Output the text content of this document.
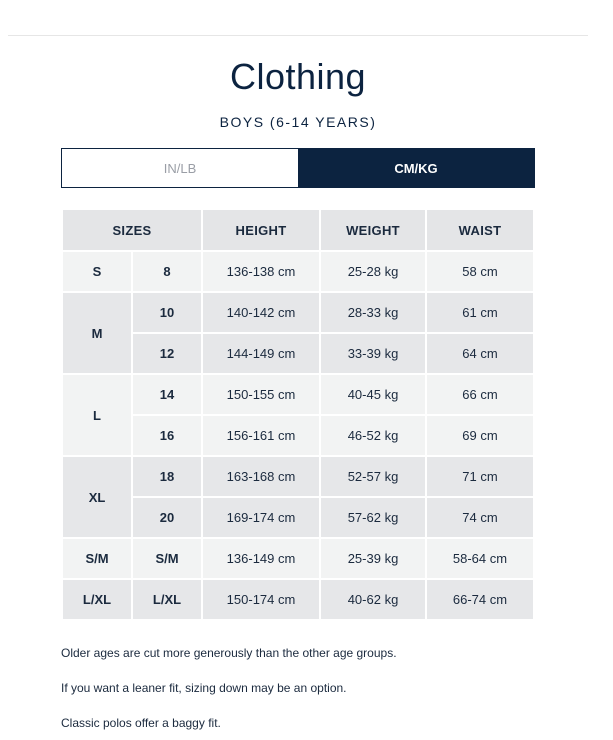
Clothing
BOYS (6-14 YEARS)
IN/LB	CM/KG
SIZES		HEIGHT	WEIGHT	WAIST
S	8	136-138 cm	25-28 kg	58 cm
M	10	140-142 cm	28-33 kg	61 cm
	12	144-149 cm	33-39 kg	64 cm
L	14	150-155 cm	40-45 kg	66 cm
	16	156-161 cm	46-52 kg	69 cm
XL	18	163-168 cm	52-57 kg	71 cm
	20	169-174 cm	57-62 kg	74 cm
S/M	S/M	136-149 cm	25-39 kg	58-64 cm
L/XL	L/XL	150-174 cm	40-62 kg	66-74 cm

Older ages are cut more generously than the other age groups.

If you want a leaner fit, sizing down may be an option.

Classic polos offer a baggy fit.
